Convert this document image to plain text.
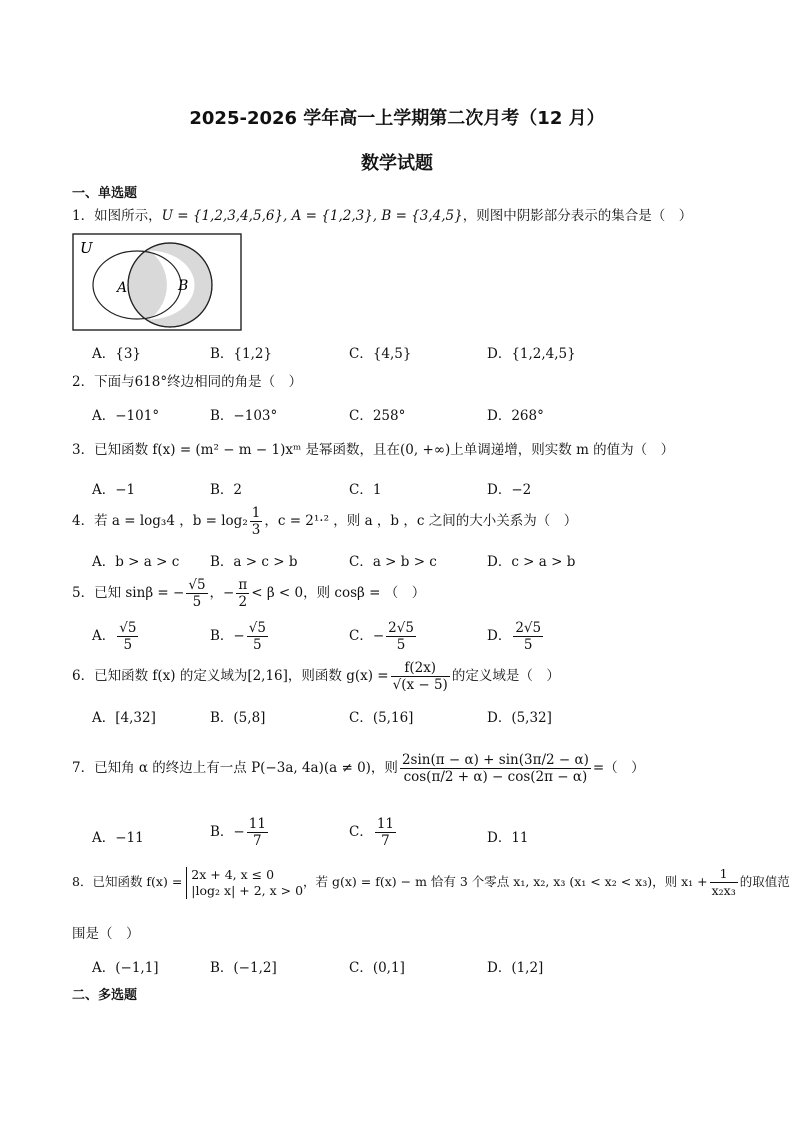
2025-2026 学年高一上学期第二次月考（12 月）
数学试题
一、单选题
1．如图所示，U = {1,2,3,4,5,6}, A = {1,2,3}, B = {3,4,5}，则图中阴影部分表示的集合是（　）
U
A	B
A．{3}	B．{1,2}	C．{4,5}	D．{1,2,4,5}
2．下面与618°终边相同的角是（　）
A．−101°	B．−103°	C．258°	D．268°
3．已知函数 f(x) = (m² − m − 1)xᵐ 是幂函数，且在(0, +∞)上单调递增，则实数 m 的值为（　）
A．−1	B．2	C．1	D．−2
4．若 a = log₃4 ，$b = \log_2 \frac{1}{3}$ ，c = 2¹·² ，则 a ，b ，c 之间的大小关系为（　）
A．b > a > c B．a > c > b	C．a > b > c	D．c > a > b
5．已知 sinβ = − $\frac{√5}{5}$ ，− $\frac{\pi}{2} < \beta < 0$，则 cosβ = （　）
A． $\frac{√5}{5}$	B．− $\frac{√5}{5}$	C．− $\frac{2√5}{5}$	D． $\frac{2√5}{5}$
6．已知函数 f(x) 的定义域为[2,16]，则函数 $g(x) = \frac{f(2x)}{√(x - 5)}$ 的定义域是（　）
A．[4,32]	B．(5,8]	C．(5,16]	D．(5,32]
7．已知角 α 的终边上有一点 P(−3a, 4a)(a ≠ 0)，则 $\frac{2\sin(\pi - \alpha) + \sin(3\pi/2 - \alpha)}{\cos(\pi/2 + \alpha) - \cos(2\pi - \alpha)}$ =（　）
A．−11	B．− $\frac{11}{7}$	C． $\frac{11}{7}$	D．11
8．已知函数 f(x) = 2x + 4, x ≤ 0
|log₂ x| + 2, x > 0
，若 g(x) = f(x) − m 恰有 3 个零点 x₁, x₂, x₃ (x₁ < x₂ < x₃)，则 $x_1 + \frac{1}{\text{x₂x₃}}$ 的取值范
围是（　）
A．(−1,1]	B．(−1,2]	C．(0,1]	D．(1,2]
二、多选题
